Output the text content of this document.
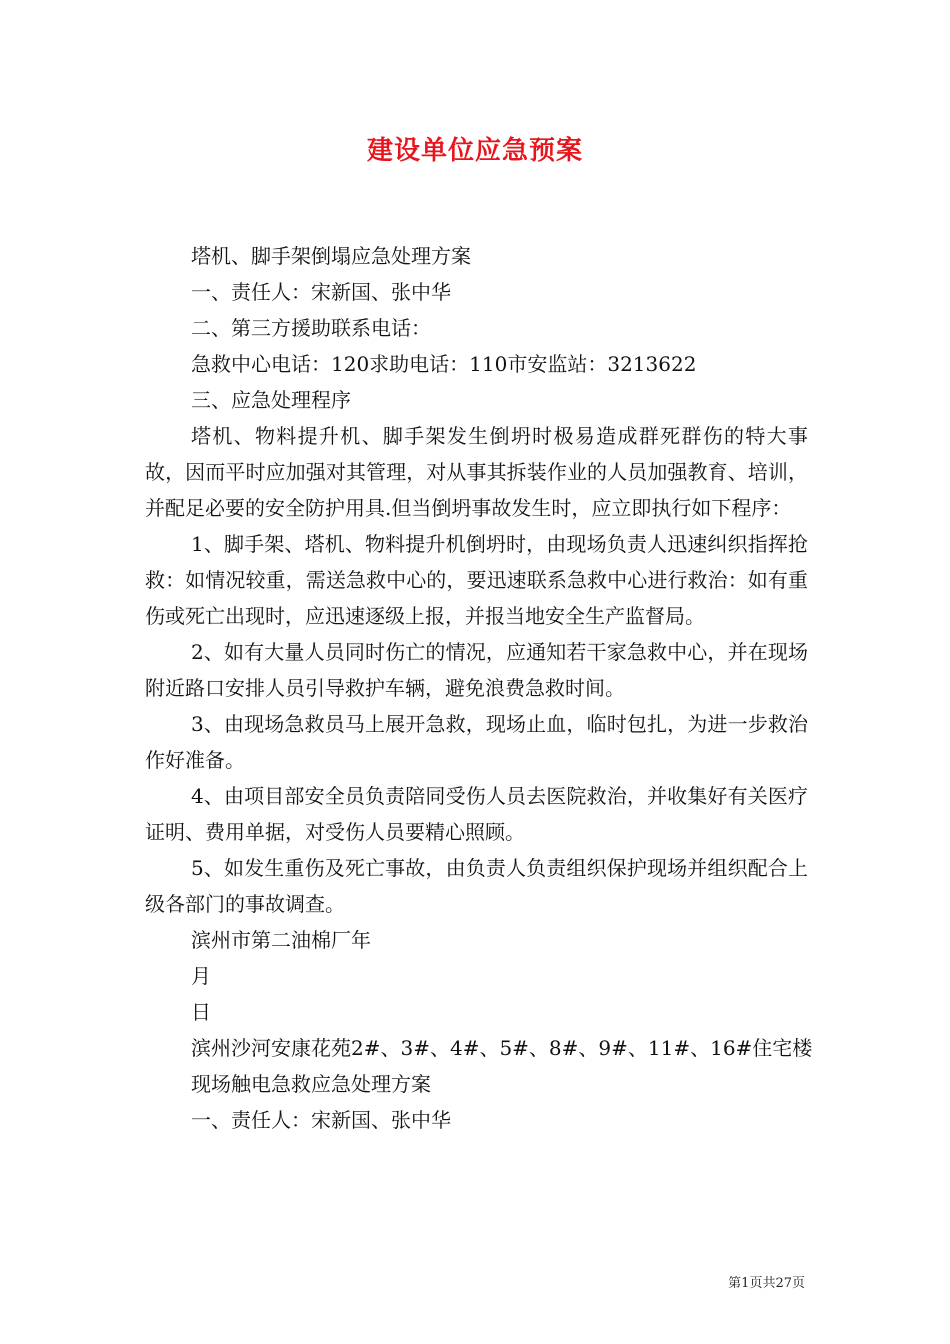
建设单位应急预案
塔机、脚手架倒塌应急处理方案
一、责任人：宋新国、张中华
二、第三方援助联系电话：
急救中心电话：120求助电话：110市安监站：3213622
三、应急处理程序
塔机、物料提升机、脚手架发生倒坍时极易造成群死群伤的特大事故，因而平时应加强对其管理，对从事其拆装作业的人员加强教育、培训，并配足必要的安全防护用具.但当倒坍事故发生时，应立即执行如下程序：
1、脚手架、塔机、物料提升机倒坍时，由现场负责人迅速纠织指挥抢救：如情况较重，需送急救中心的，要迅速联系急救中心进行救治：如有重伤或死亡出现时，应迅速逐级上报，并报当地安全生产监督局。
2、如有大量人员同时伤亡的情况，应通知若干家急救中心，并在现场附近路口安排人员引导救护车辆，避免浪费急救时间。
3、由现场急救员马上展开急救，现场止血，临时包扎，为进一步救治作好准备。
4、由项目部安全员负责陪同受伤人员去医院救治，并收集好有关医疗证明、费用单据，对受伤人员要精心照顾。
5、如发生重伤及死亡事故，由负责人负责组织保护现场并组织配合上级各部门的事故调查。
滨州市第二油棉厂年
月
日
滨州沙河安康花苑2#、3#、4#、5#、8#、9#、11#、16#住宅楼
现场触电急救应急处理方案
一、责任人：宋新国、张中华
第1页共27页
